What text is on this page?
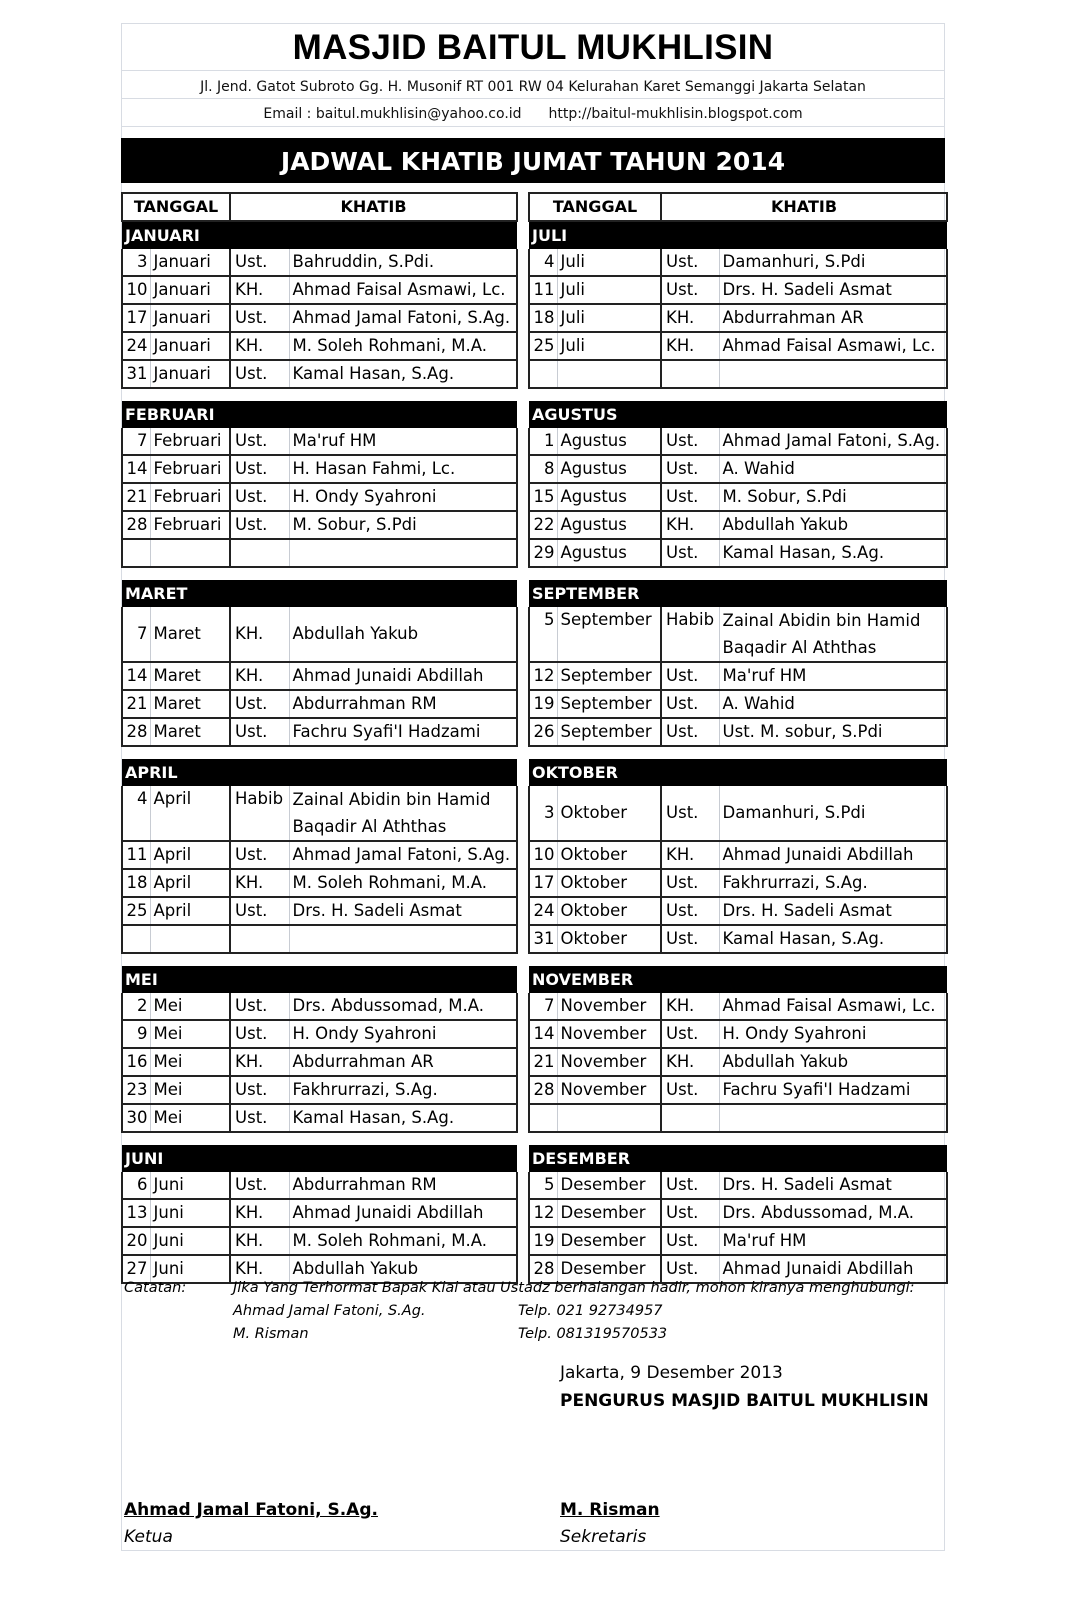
MASJID BAITUL MUKHLISIN
Jl. Jend. Gatot Subroto Gg. H. Musonif RT 001 RW 04 Kelurahan Karet Semanggi Jakarta Selatan
Email : baitul.mukhlisin@yahoo.co.id http://baitul-mukhlisin.blogspot.com
JADWAL KHATIB JUMAT TAHUN 2014
TANGGAL		KHATIB	
JANUARI			
3	Januari	Ust.	Bahruddin, S.Pdi.
10	Januari	KH.	Ahmad Faisal Asmawi, Lc.
17	Januari	Ust.	Ahmad Jamal Fatoni, S.Ag.
24	Januari	KH.	M. Soleh Rohmani, M.A.
31	Januari	Ust.	Kamal Hasan, S.Ag.

FEBRUARI			
7	Februari	Ust.	Ma'ruf HM
14	Februari	Ust.	H. Hasan Fahmi, Lc.
21	Februari	Ust.	H. Ondy Syahroni
28	Februari	Ust.	M. Sobur, S.Pdi

MARET			
7	Maret	KH.	Abdullah Yakub
14	Maret	KH.	Ahmad Junaidi Abdillah
21	Maret	Ust.	Abdurrahman RM
28	Maret	Ust.	Fachru Syafi'I Hadzami

APRIL			
4	April	Habib	Zainal Abidin bin Hamid Baqadir Al Aththas
11	April	Ust.	Ahmad Jamal Fatoni, S.Ag.
18	April	KH.	M. Soleh Rohmani, M.A.
25	April	Ust.	Drs. H. Sadeli Asmat

MEI			
2	Mei	Ust.	Drs. Abdussomad, M.A.
9	Mei	Ust.	H. Ondy Syahroni
16	Mei	KH.	Abdurrahman AR
23	Mei	Ust.	Fakhrurrazi, S.Ag.
30	Mei	Ust.	Kamal Hasan, S.Ag.

JUNI			
6	Juni	Ust.	Abdurrahman RM
13	Juni	KH.	Ahmad Junaidi Abdillah
20	Juni	KH.	M. Soleh Rohmani, M.A.
27	Juni	KH.	Abdullah Yakub
TANGGAL		KHATIB	
JULI			
4	Juli	Ust.	Damanhuri, S.Pdi
11	Juli	Ust.	Drs. H. Sadeli Asmat
18	Juli	KH.	Abdurrahman AR
25	Juli	KH.	Ahmad Faisal Asmawi, Lc.

AGUSTUS			
1	Agustus	Ust.	Ahmad Jamal Fatoni, S.Ag.
8	Agustus	Ust.	A. Wahid
15	Agustus	Ust.	M. Sobur, S.Pdi
22	Agustus	KH.	Abdullah Yakub
29	Agustus	Ust.	Kamal Hasan, S.Ag.

SEPTEMBER			
5	September	Habib	Zainal Abidin bin Hamid Baqadir Al Aththas
12	September	Ust.	Ma'ruf HM
19	September	Ust.	A. Wahid
26	September	Ust.	Ust. M. sobur, S.Pdi

OKTOBER			
3	Oktober	Ust.	Damanhuri, S.Pdi
10	Oktober	KH.	Ahmad Junaidi Abdillah
17	Oktober	Ust.	Fakhrurrazi, S.Ag.
24	Oktober	Ust.	Drs. H. Sadeli Asmat
31	Oktober	Ust.	Kamal Hasan, S.Ag.

NOVEMBER			
7	November	KH.	Ahmad Faisal Asmawi, Lc.
14	November	Ust.	H. Ondy Syahroni
21	November	KH.	Abdullah Yakub
28	November	Ust.	Fachru Syafi'I Hadzami

DESEMBER			
5	Desember	Ust.	Drs. H. Sadeli Asmat
12	Desember	Ust.	Drs. Abdussomad, M.A.
19	Desember	Ust.	Ma'ruf HM
28	Desember	Ust.	Ahmad Junaidi Abdillah
Catatan:	Jika Yang Terhormat Bapak Kiai atau Ustadz berhalangan hadir, mohon kiranya menghubungi:
Ahmad Jamal Fatoni, S.Ag.	Telp. 021 92734957
M. Risman	Telp. 081319570533
Jakarta, 9 Desember 2013
PENGURUS MASJID BAITUL MUKHLISIN
Ahmad Jamal Fatoni, S.Ag.
Ketua
M. Risman
Sekretaris
